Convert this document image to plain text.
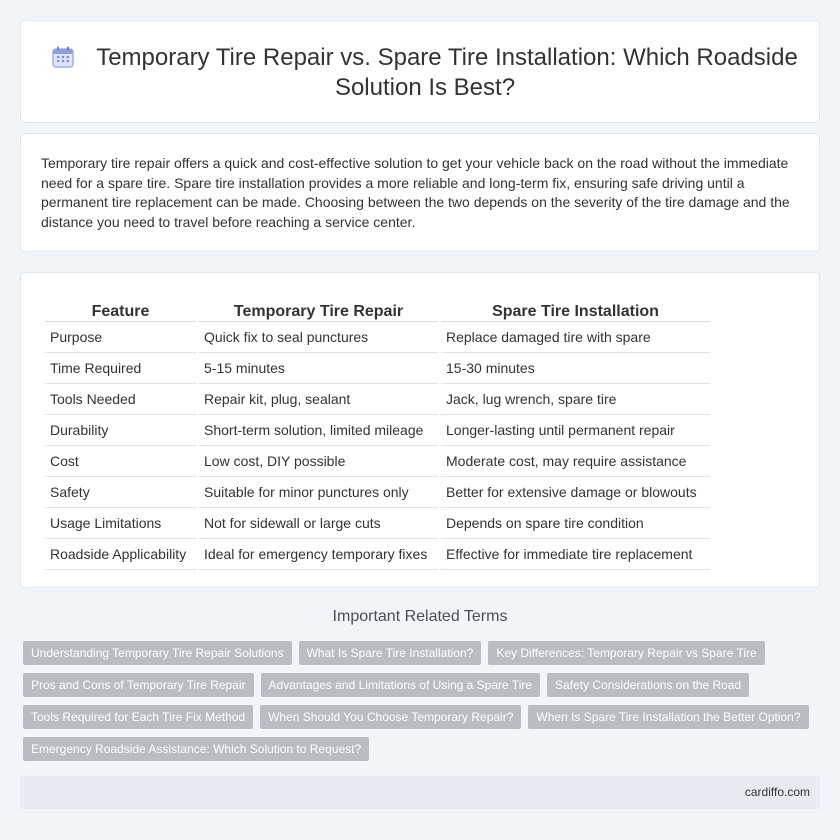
Temporary Tire Repair vs. Spare Tire Installation: Which Roadside Solution Is Best?

Temporary tire repair offers a quick and cost-effective solution to get your vehicle back on the road without the immediate need for a spare tire. Spare tire installation provides a more reliable and long-term fix, ensuring safe driving until a permanent tire replacement can be made. Choosing between the two depends on the severity of the tire damage and the distance you need to travel before reaching a service center.

Feature	Temporary Tire Repair	Spare Tire Installation
Purpose	Quick fix to seal punctures	Replace damaged tire with spare
Time Required	5-15 minutes	15-30 minutes
Tools Needed	Repair kit, plug, sealant	Jack, lug wrench, spare tire
Durability	Short-term solution, limited mileage	Longer-lasting until permanent repair
Cost	Low cost, DIY possible	Moderate cost, may require assistance
Safety	Suitable for minor punctures only	Better for extensive damage or blowouts
Usage Limitations	Not for sidewall or large cuts	Depends on spare tire condition
Roadside Applicability	Ideal for emergency temporary fixes	Effective for immediate tire replacement
Important Related Terms
Understanding Temporary Tire Repair Solutions	What Is Spare Tire Installation?	Key Differences: Temporary Repair vs Spare Tire
Pros and Cons of Temporary Tire Repair	Advantages and Limitations of Using a Spare Tire	Safety Considerations on the Road
Tools Required for Each Tire Fix Method	When Should You Choose Temporary Repair?	When Is Spare Tire Installation the Better Option?
Emergency Roadside Assistance: Which Solution to Request?
cardiffo.com
